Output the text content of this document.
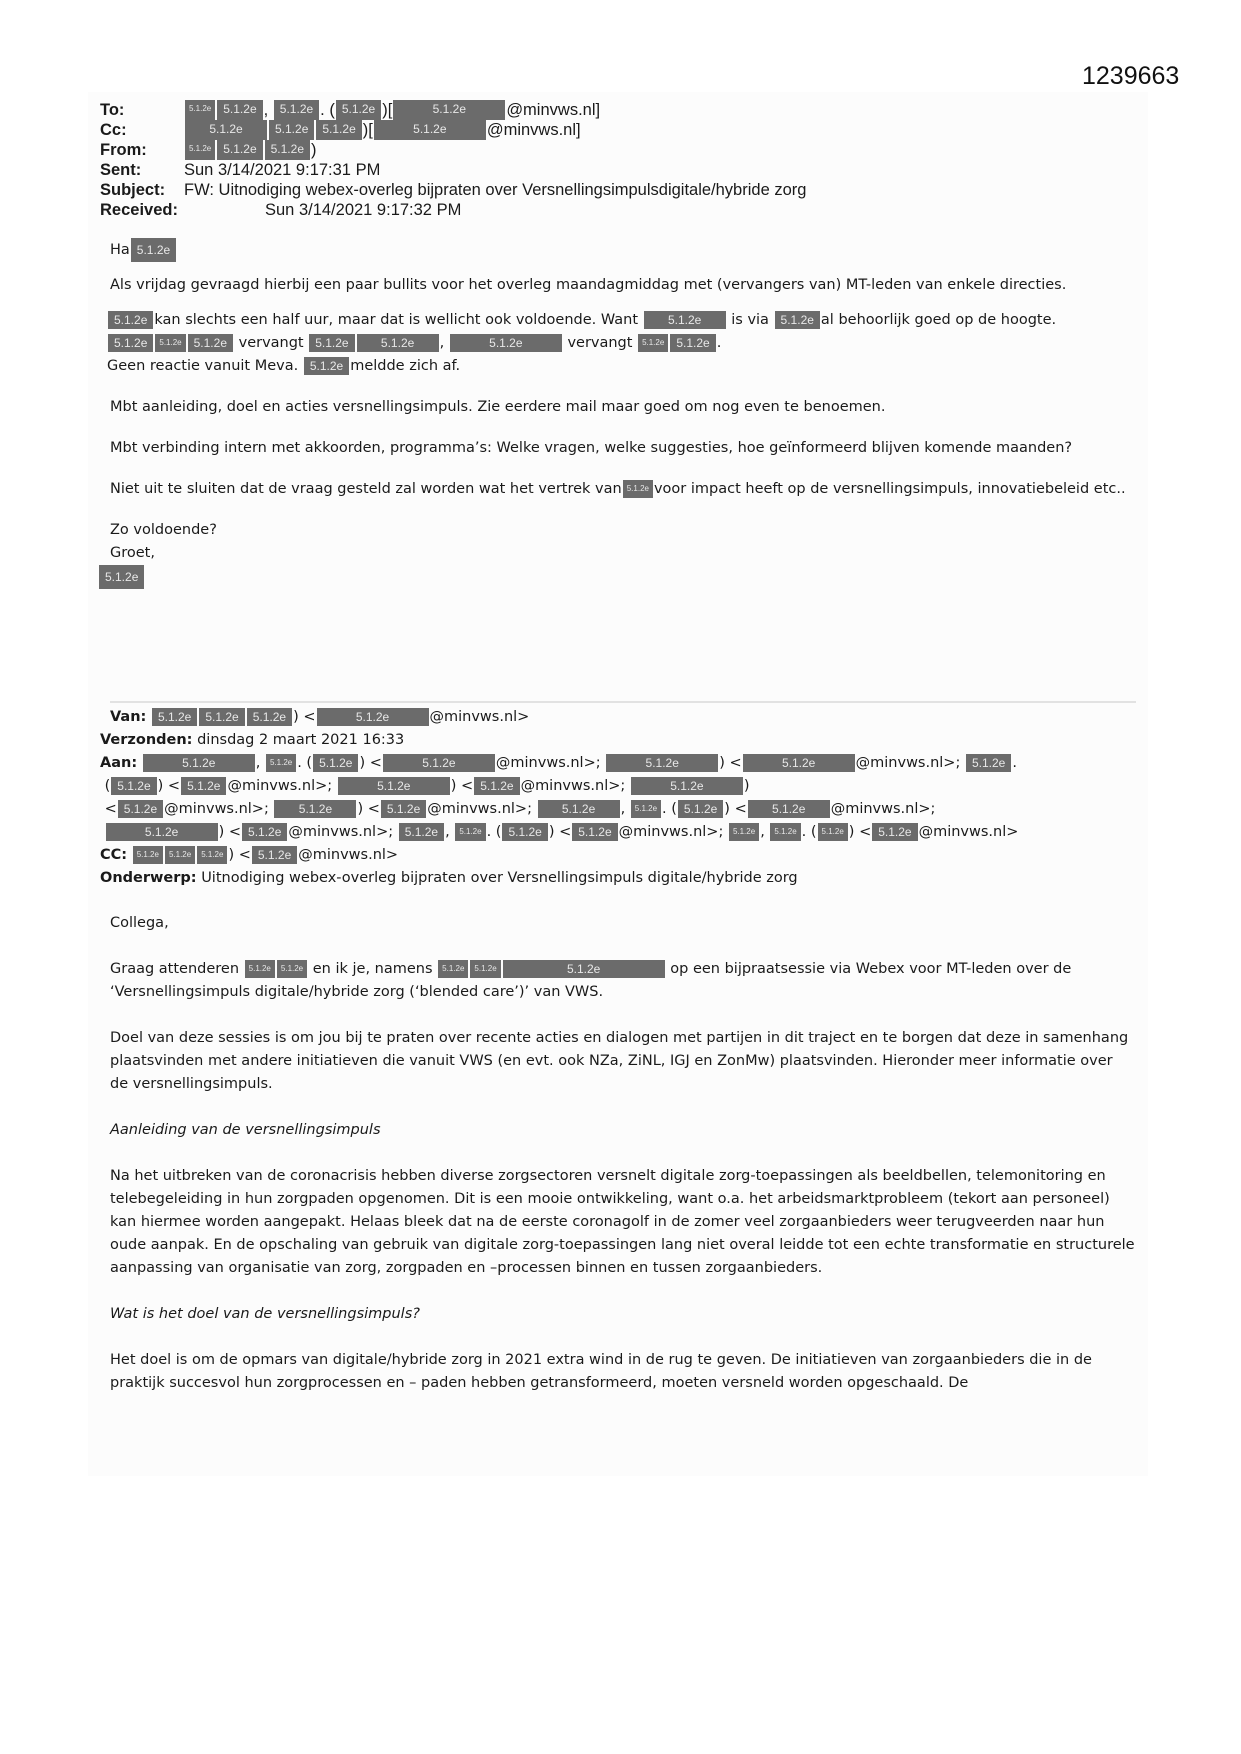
1239663
To:	5.1.2e	5.1.2e , 5.1.2e . ( 5.1.2e )[	5.1.2e	@minvws.nl]
Cc:	5.1.2e	5.1.2e	5.1.2e )[	5.1.2e	@minvws.nl]
From:	5.1.2e	5.1.2e	5.1.2e )
Sent:	Sun 3/14/2021 9:17:31 PM
Subject:	FW: Uitnodiging webex-overleg bijpraten over Versnellingsimpulsdigitale/hybride zorg
Received:	Sun 3/14/2021 9:17:32 PM

Ha 5.1.2e

Als vrijdag gevraagd hierbij een paar bullits voor het overleg maandagmiddag met (vervangers van) MT-leden van enkele directies.

5.1.2e kan slechts een half uur, maar dat is wellicht ook voldoende. Want 5.1.2e is via 5.1.2e al behoorlijk goed op de hoogte.
5.1.2e 5.1.2e 5.1.2e vervangt 5.1.2e	5.1.2e ,	5.1.2e	vervangt 5.1.2e 5.1.2e .
Geen reactie vanuit Meva. 5.1.2e meldde zich af.

Mbt aanleiding, doel en acties versnellingsimpuls. Zie eerdere mail maar goed om nog even te benoemen.

Mbt verbinding intern met akkoorden, programma’s: Welke vragen, welke suggesties, hoe geïnformeerd blijven komende maanden?

Niet uit te sluiten dat de vraag gesteld zal worden wat het vertrek van 5.1.2e voor impact heeft op de versnellingsimpuls, innovatiebeleid etc..

Zo voldoende?

Groet,

5.1.2e

Van: 5.1.2e 5.1.2e 5.1.2e ) <	5.1.2e	@minvws.nl>
Verzonden: dinsdag 2 maart 2021 16:33
Aan:	5.1.2e	, 5.1.2e . ( 5.1.2e ) <	5.1.2e	@minvws.nl>;	5.1.2e	) <	5.1.2e	@minvws.nl>; 5.1.2e .
( 5.1.2e ) < 5.1.2e @minvws.nl>;	5.1.2e	) < 5.1.2e @minvws.nl>;	5.1.2e	)
< 5.1.2e @minvws.nl>; 5.1.2e ) < 5.1.2e @minvws.nl>; 5.1.2e , 5.1.2e . ( 5.1.2e ) < 5.1.2e @minvws.nl>;
5.1.2e	) < 5.1.2e @minvws.nl>; 5.1.2e , 5.1.2e . ( 5.1.2e ) < 5.1.2e @minvws.nl>; 5.1.2e , 5.1.2e . ( 5.1.2e ) < 5.1.2e @minvws.nl>
CC: 5.1.2e 5.1.2e 5.1.2e ) < 5.1.2e @minvws.nl>
Onderwerp: Uitnodiging webex-overleg bijpraten over Versnellingsimpuls digitale/hybride zorg

Collega,

Graag attenderen 5.1.2e 5.1.2e en ik je, namens 5.1.2e 5.1.2e	5.1.2e	op een bijpraatsessie via Webex voor MT-leden over de ‘Versnellingsimpuls digitale/hybride zorg (‘blended care’)’ van VWS.

Doel van deze sessies is om jou bij te praten over recente acties en dialogen met partijen in dit traject en te borgen dat deze in samenhang plaatsvinden met andere initiatieven die vanuit VWS (en evt. ook NZa, ZiNL, IGJ en ZonMw) plaatsvinden. Hieronder meer informatie over de versnellingsimpuls.

Aanleiding van de versnellingsimpuls

Na het uitbreken van de coronacrisis hebben diverse zorgsectoren versnelt digitale zorg-toepassingen als beeldbellen, telemonitoring en telebegeleiding in hun zorgpaden opgenomen. Dit is een mooie ontwikkeling, want o.a. het arbeidsmarktprobleem (tekort aan personeel) kan hiermee worden aangepakt. Helaas bleek dat na de eerste coronagolf in de zomer veel zorgaanbieders weer terugveerden naar hun oude aanpak. En de opschaling van gebruik van digitale zorg-toepassingen lang niet overal leidde tot een echte transformatie en structurele aanpassing van organisatie van zorg, zorgpaden en –processen binnen en tussen zorgaanbieders.

Wat is het doel van de versnellingsimpuls?

Het doel is om de opmars van digitale/hybride zorg in 2021 extra wind in de rug te geven. De initiatieven van zorgaanbieders die in de praktijk succesvol hun zorgprocessen en – paden hebben getransformeerd, moeten versneld worden opgeschaald. De
